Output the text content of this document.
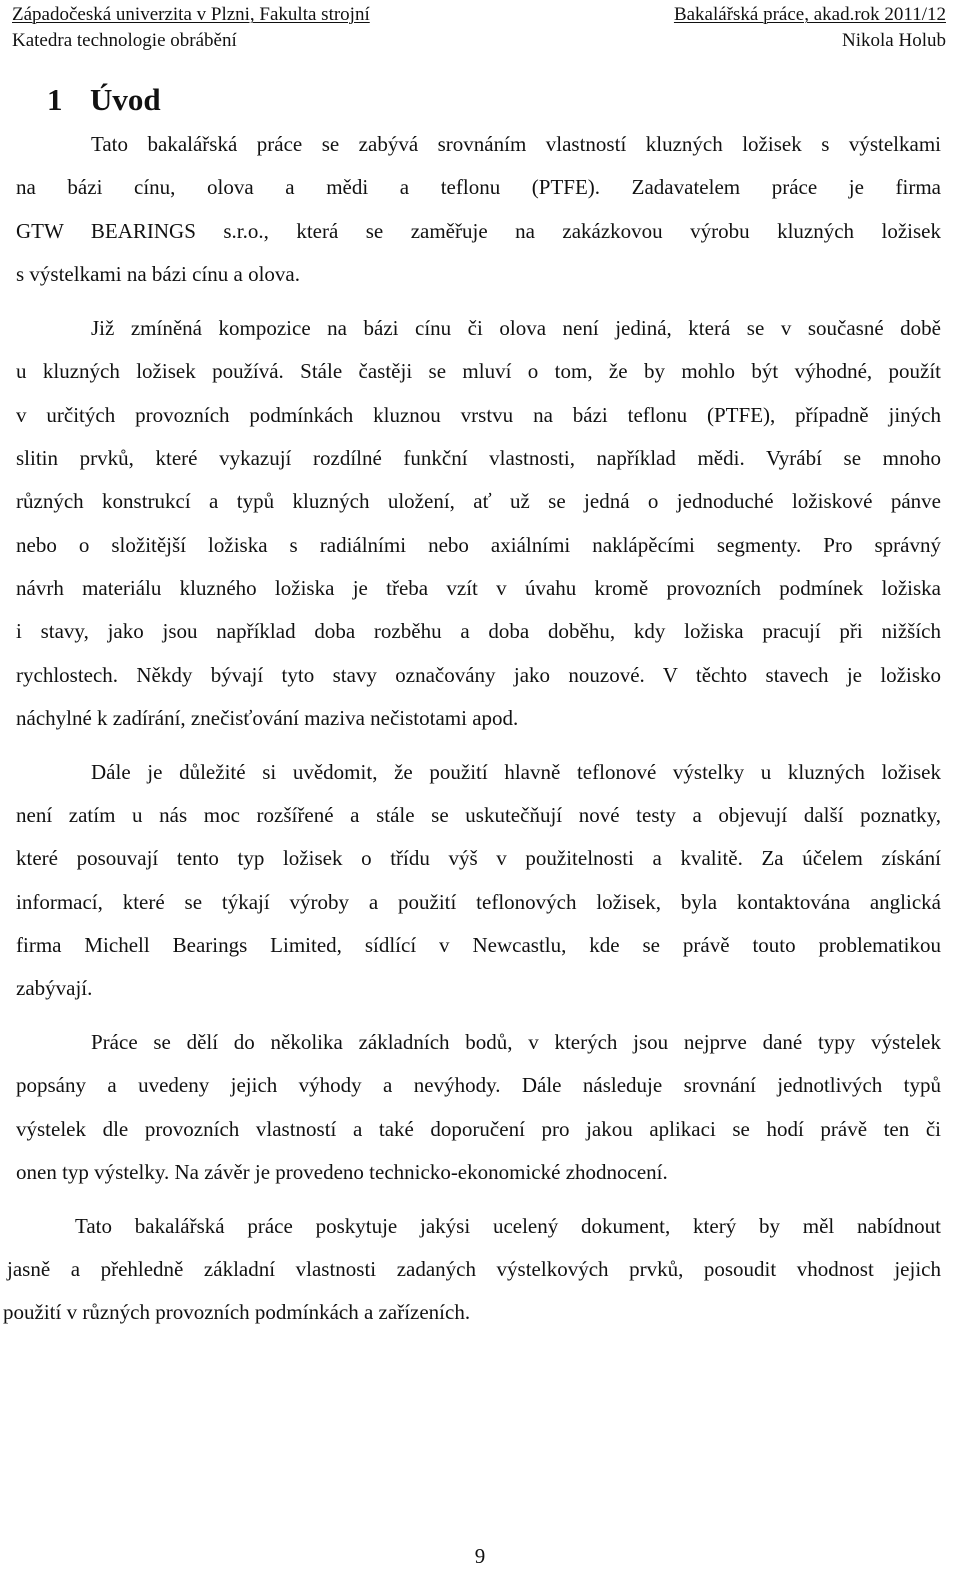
Západočeská univerzita v Plzni, Fakulta strojní	Bakalářská práce, akad.rok 2011/12
Katedra technologie obrábění	Nikola Holub
1 Úvod
Tato bakalářská práce se zabývá srovnáním vlastností kluzných ložisek s výstelkami
na bázi cínu, olova a mědi a teflonu (PTFE). Zadavatelem práce je firma
GTW BEARINGS s.r.o., která se zaměřuje na zakázkovou výrobu kluzných ložisek
s výstelkami na bázi cínu a olova.
Již zmíněná kompozice na bázi cínu či olova není jediná, která se v současné době
u kluzných ložisek používá. Stále častěji se mluví o tom, že by mohlo být výhodné, použít
v určitých provozních podmínkách kluznou vrstvu na bázi teflonu (PTFE), případně jiných
slitin prvků, které vykazují rozdílné funkční vlastnosti, například mědi. Vyrábí se mnoho
různých konstrukcí a typů kluzných uložení, ať už se jedná o jednoduché ložiskové pánve
nebo o složitější ložiska s radiálními nebo axiálními naklápěcími segmenty. Pro správný
návrh materiálu kluzného ložiska je třeba vzít v úvahu kromě provozních podmínek ložiska
i stavy, jako jsou například doba rozběhu a doba doběhu, kdy ložiska pracují při nižších
rychlostech. Někdy bývají tyto stavy označovány jako nouzové. V těchto stavech je ložisko
náchylné k zadírání, znečisťování maziva nečistotami apod.
Dále je důležité si uvědomit, že použití hlavně teflonové výstelky u kluzných ložisek
není zatím u nás moc rozšířené a stále se uskutečňují nové testy a objevují další poznatky,
které posouvají tento typ ložisek o třídu výš v použitelnosti a kvalitě. Za účelem získání
informací, které se týkají výroby a použití teflonových ložisek, byla kontaktována anglická
firma Michell Bearings Limited, sídlící v Newcastlu, kde se právě touto problematikou
zabývají.
Práce se dělí do několika základních bodů, v kterých jsou nejprve dané typy výstelek
popsány a uvedeny jejich výhody a nevýhody. Dále následuje srovnání jednotlivých typů
výstelek dle provozních vlastností a také doporučení pro jakou aplikaci se hodí právě ten či
onen typ výstelky. Na závěr je provedeno technicko-ekonomické zhodnocení.
Tato bakalářská práce poskytuje jakýsi ucelený dokument, který by měl nabídnout
jasně a přehledně základní vlastnosti zadaných výstelkových prvků, posoudit vhodnost jejich
použití v různých provozních podmínkách a zařízeních.
9
